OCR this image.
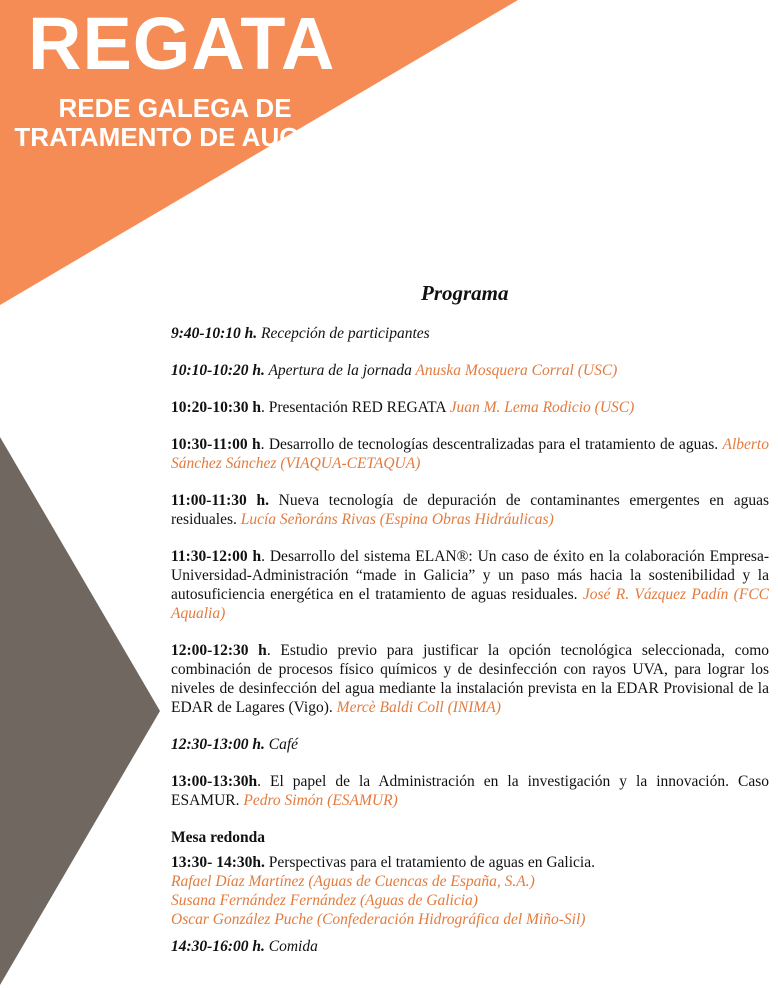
REGATA
REDE GALEGA DE
TRATAMENTO DE AUGAS
Programa

9:40-10:10 h. Recepción de participantes

10:10-10:20 h. Apertura de la jornada Anuska Mosquera Corral (USC)

10:20-10:30 h. Presentación RED REGATA Juan M. Lema Rodicio (USC)

10:30-11:00 h. Desarrollo de tecnologías descentralizadas para el tratamiento de aguas. Alberto Sánchez Sánchez (VIAQUA-CETAQUA)

11:00-11:30 h. Nueva tecnología de depuración de contaminantes emergentes en aguas residuales. Lucía Señoráns Rivas (Espina Obras Hidráulicas)

11:30-12:00 h. Desarrollo del sistema ELAN®: Un caso de éxito en la colaboración Empresa-Universidad-Administración “made in Galicia” y un paso más hacia la sostenibilidad y la autosuficiencia energética en el tratamiento de aguas residuales. José R. Vázquez Padín (FCC Aqualia)

12:00-12:30 h. Estudio previo para justificar la opción tecnológica seleccionada, como combinación de procesos físico químicos y de desinfección con rayos UVA, para lograr los niveles de desinfección del agua mediante la instalación prevista en la EDAR Provisional de la EDAR de Lagares (Vigo). Mercè Baldi Coll (INIMA)

12:30-13:00 h. Café

13:00-13:30h. El papel de la Administración en la investigación y la innovación. Caso ESAMUR. Pedro Simón (ESAMUR)

Mesa redonda

13:30- 14:30h. Perspectivas para el tratamiento de aguas en Galicia.
Rafael Díaz Martínez (Aguas de Cuencas de España, S.A.)
Susana Fernández Fernández (Aguas de Galicia)
Oscar González Puche (Confederación Hidrográfica del Miño-Sil)

14:30-16:00 h. Comida
